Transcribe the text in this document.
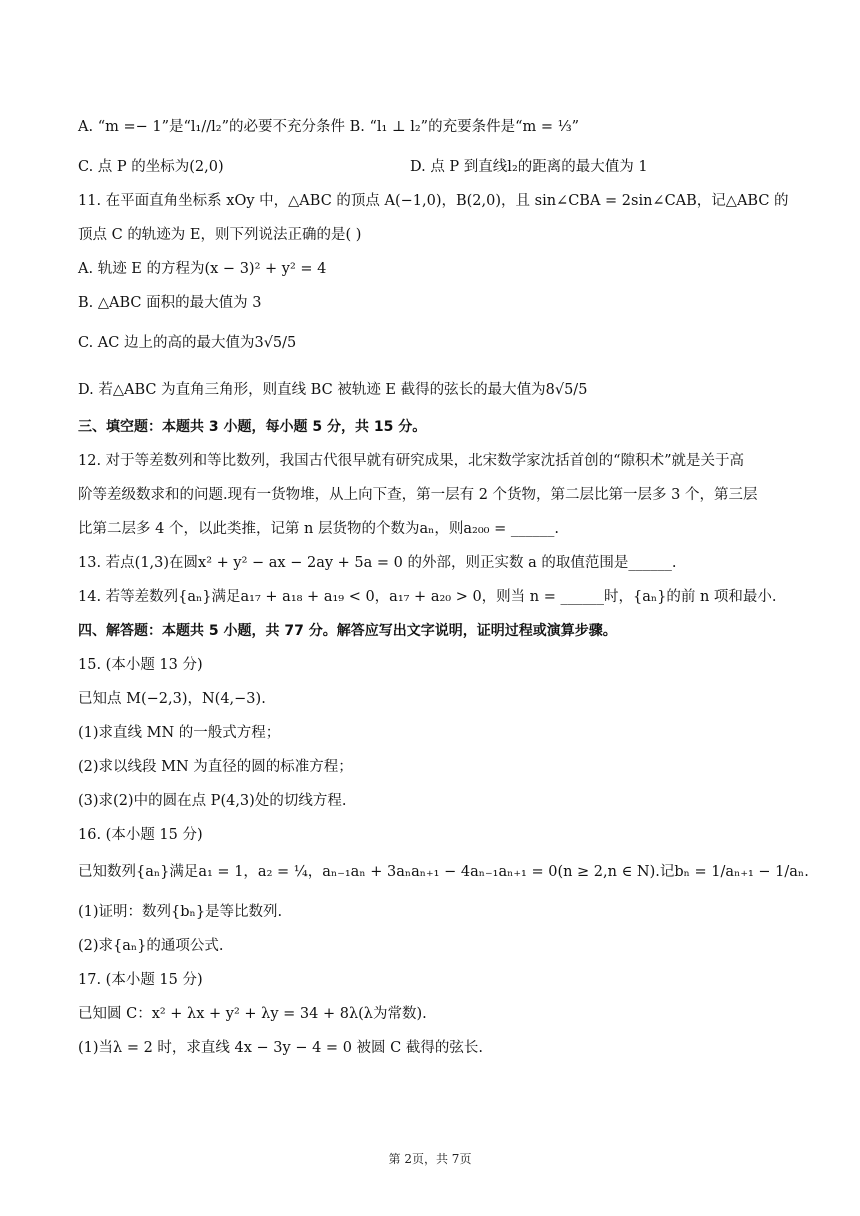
A. “m =− 1”是“l₁//l₂”的必要不充分条件 B. “l₁ ⊥ l₂”的充要条件是“m = ⅓”
C. 点 P 的坐标为(2,0)	D. 点 P 到直线l₂的距离的最大值为 1
11. 在平面直角坐标系 xOy 中，△ABC 的顶点 A(−1,0)，B(2,0)，且 sin∠CBA = 2sin∠CAB，记△ABC 的
顶点 C 的轨迹为 E，则下列说法正确的是( )
A. 轨迹 E 的方程为(x − 3)² + y² = 4
B. △ABC 面积的最大值为 3
C. AC 边上的高的最大值为3√5/5
D. 若△ABC 为直角三角形，则直线 BC 被轨迹 E 截得的弦长的最大值为8√5/5
三、填空题：本题共 3 小题，每小题 5 分，共 15 分。
12. 对于等差数列和等比数列，我国古代很早就有研究成果，北宋数学家沈括首创的“隙积术”就是关于高
阶等差级数求和的问题.现有一货物堆，从上向下查，第一层有 2 个货物，第二层比第一层多 3 个，第三层
比第二层多 4 个，以此类推，记第 n 层货物的个数为aₙ，则a₂₀₀ = ______.
13. 若点(1,3)在圆x² + y² − ax − 2ay + 5a = 0 的外部，则正实数 a 的取值范围是______.
14. 若等差数列{aₙ}满足a₁₇ + a₁₈ + a₁₉ < 0，a₁₇ + a₂₀ > 0，则当 n = ______时，{aₙ}的前 n 项和最小.
四、解答题：本题共 5 小题，共 77 分。解答应写出文字说明，证明过程或演算步骤。
15. (本小题 13 分)
已知点 M(−2,3)，N(4,−3).
(1)求直线 MN 的一般式方程；
(2)求以线段 MN 为直径的圆的标准方程；
(3)求(2)中的圆在点 P(4,3)处的切线方程.
16. (本小题 15 分)
已知数列{aₙ}满足a₁ = 1，a₂ = ¼，aₙ₋₁aₙ + 3aₙaₙ₊₁ − 4aₙ₋₁aₙ₊₁ = 0(n ≥ 2,n ∈ N).记bₙ = 1/aₙ₊₁ − 1/aₙ.
(1)证明：数列{bₙ}是等比数列.
(2)求{aₙ}的通项公式.
17. (本小题 15 分)
已知圆 C：x² + λx + y² + λy = 34 + 8λ(λ为常数).
(1)当λ = 2 时，求直线 4x − 3y − 4 = 0 被圆 C 截得的弦长.
第 2页，共 7页
